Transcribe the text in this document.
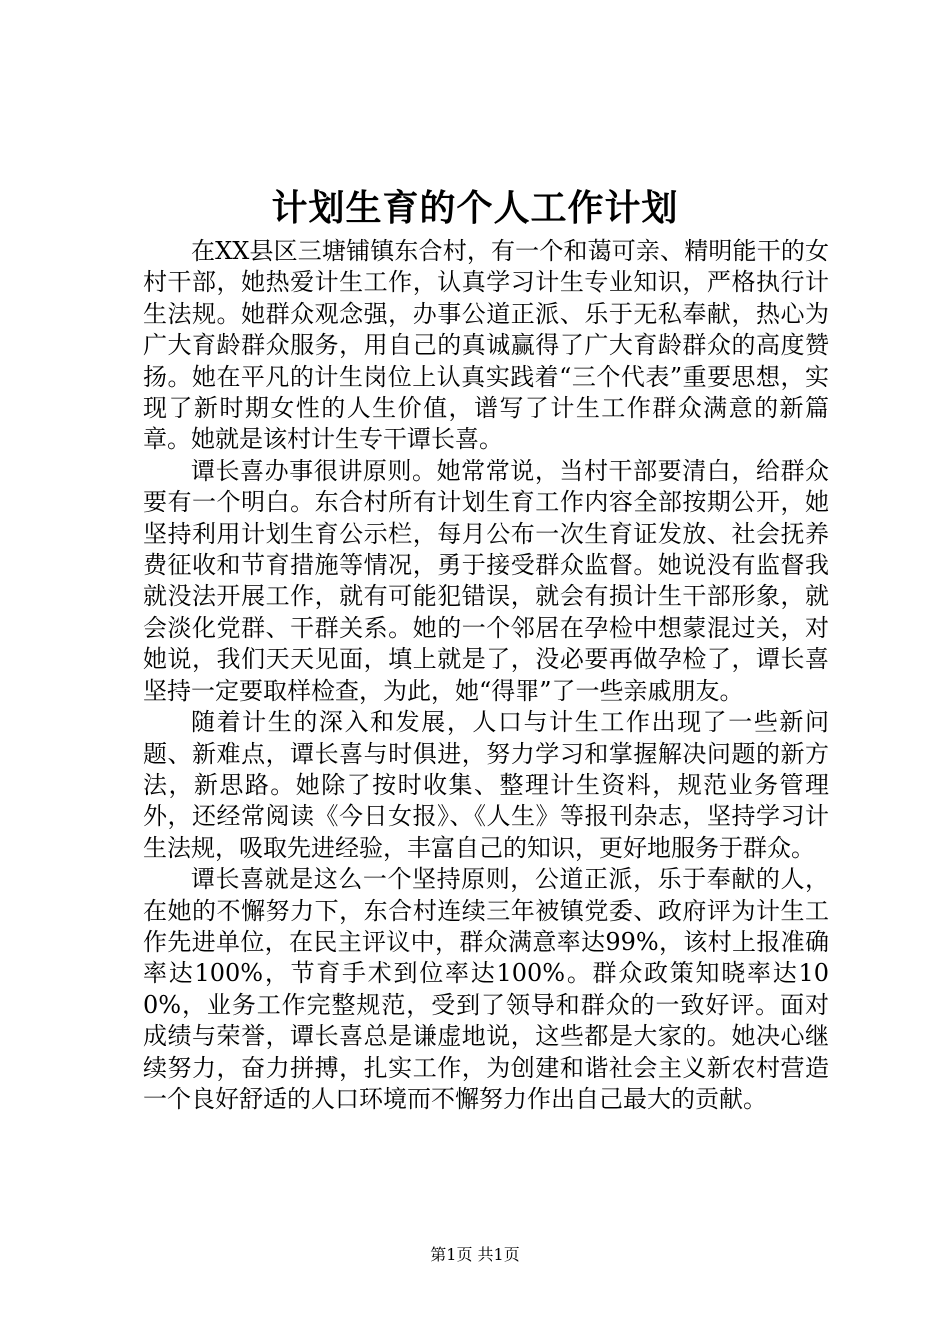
计划生育的个人工作计划

在XX县区三塘铺镇东合村，有一个和蔼可亲、精明能干的女村干部，她热爱计生工作，认真学习计生专业知识，严格执行计生法规。她群众观念强，办事公道正派、乐于无私奉献，热心为广大育龄群众服务，用自己的真诚赢得了广大育龄群众的高度赞扬。她在平凡的计生岗位上认真实践着“三个代表”重要思想，实现了新时期女性的人生价值，谱写了计生工作群众满意的新篇章。她就是该村计生专干谭长喜。

谭长喜办事很讲原则。她常常说，当村干部要清白，给群众要有一个明白。东合村所有计划生育工作内容全部按期公开，她坚持利用计划生育公示栏，每月公布一次生育证发放、社会抚养费征收和节育措施等情况，勇于接受群众监督。她说没有监督我就没法开展工作，就有可能犯错误，就会有损计生干部形象，就会淡化党群、干群关系。她的一个邻居在孕检中想蒙混过关，对她说，我们天天见面，填上就是了，没必要再做孕检了，谭长喜坚持一定要取样检查，为此，她“得罪”了一些亲戚朋友。

随着计生的深入和发展，人口与计生工作出现了一些新问题、新难点，谭长喜与时俱进，努力学习和掌握解决问题的新方法，新思路。她除了按时收集、整理计生资料，规范业务管理外，还经常阅读《今日女报》、《人生》等报刊杂志，坚持学习计生法规，吸取先进经验，丰富自己的知识，更好地服务于群众。

谭长喜就是这么一个坚持原则，公道正派，乐于奉献的人，在她的不懈努力下，东合村连续三年被镇党委、政府评为计生工作先进单位，在民主评议中，群众满意率达99%，该村上报准确率达100%，节育手术到位率达100%。群众政策知晓率达100%，业务工作完整规范，受到了领导和群众的一致好评。面对成绩与荣誉，谭长喜总是谦虚地说，这些都是大家的。她决心继续努力，奋力拼搏，扎实工作，为创建和谐社会主义新农村营造一个良好舒适的人口环境而不懈努力作出自己最大的贡献。

第1页 共1页
